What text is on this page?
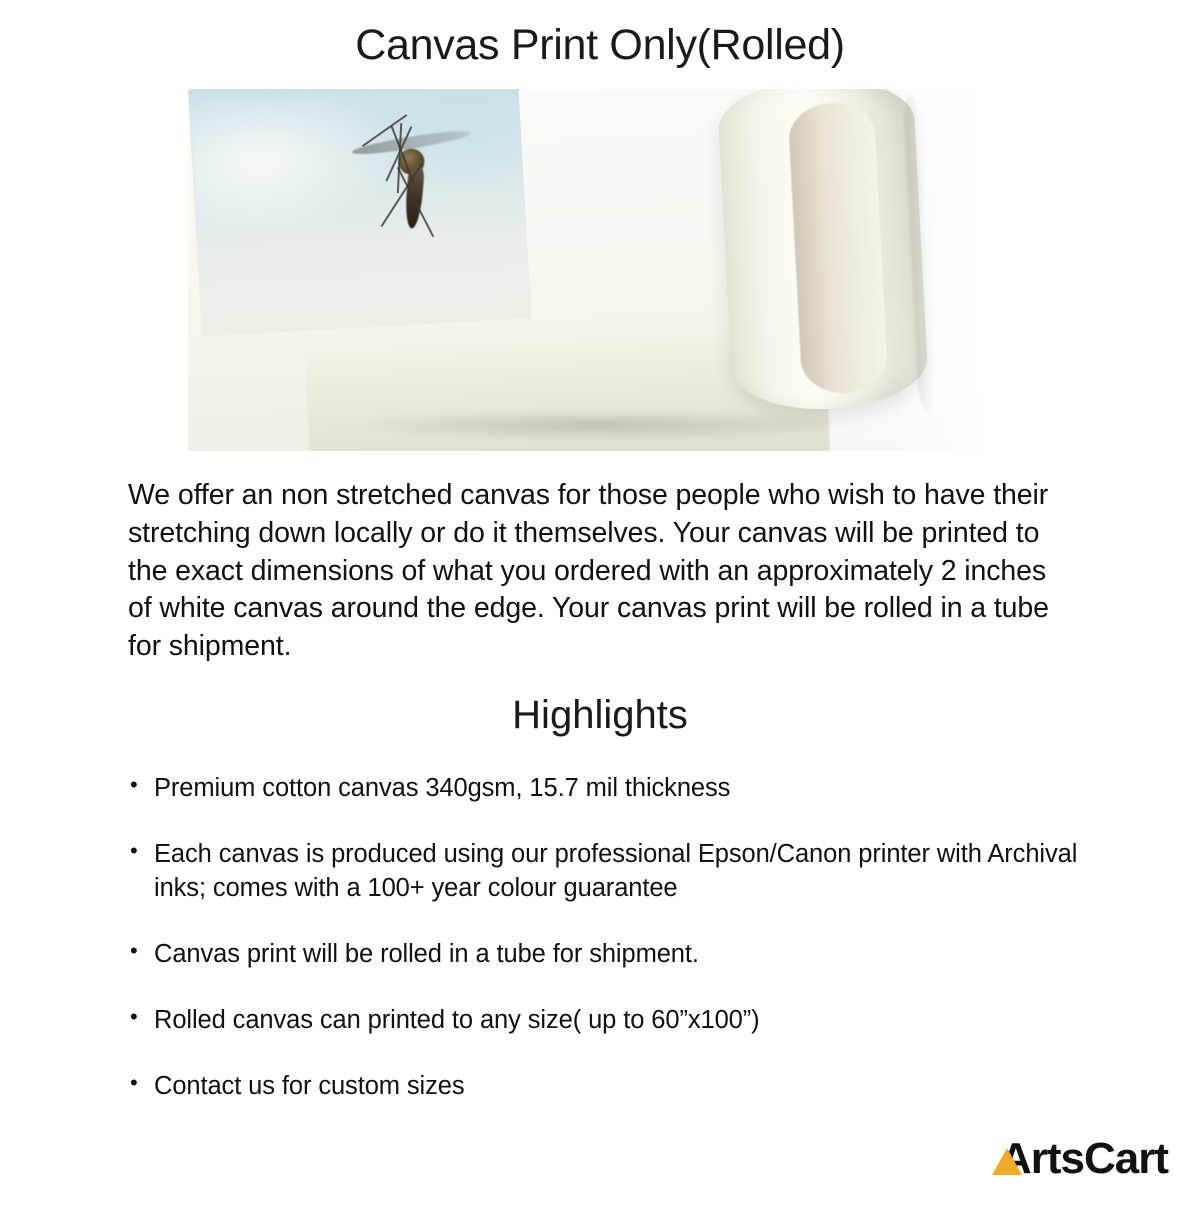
Canvas Print Only(Rolled)

We offer an non stretched canvas for those people who wish to have their stretching down locally or do it themselves. Your canvas will be printed to the exact dimensions of what you ordered with an approximately 2 inches of white canvas around the edge. Your canvas print will be rolled in a tube for shipment.

Highlights
• Premium cotton canvas 340gsm, 15.7 mil thickness
• Each canvas is produced using our professional Epson/Canon printer with Archival inks; comes with a 100+ year colour guarantee
• Canvas print will be rolled in a tube for shipment.
• Rolled canvas can printed to any size( up to 60”x100”)
• Contact us for custom sizes
A rtsCart
